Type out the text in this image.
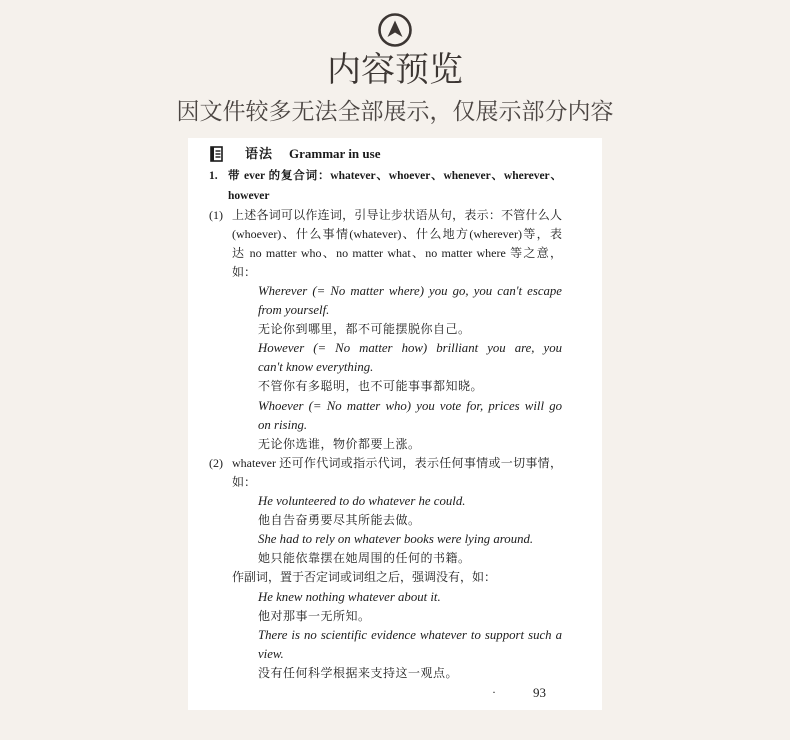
内容预览
因文件较多无法全部展示，仅展示部分内容
语法 Grammar in use
1. 带 ever 的复合词：whatever、whoever、whenever、wherever、
however
(1) 上述各词可以作连词，引导让步状语从句，表示：不管什么人
(whoever)、什么事情(whatever)、什么地方(wherever)等，表
达 no matter who、no matter what、no matter where 等之意，
如：
Wherever (= No matter where) you go, you can't escape
from yourself.
无论你到哪里，都不可能摆脱你自己。
However (= No matter how) brilliant you are, you
can't know everything.
不管你有多聪明，也不可能事事都知晓。
Whoever (= No matter who) you vote for, prices will go
on rising.
无论你选谁，物价都要上涨。
(2) whatever 还可作代词或指示代词，表示任何事情或一切事情，
如：
He volunteered to do whatever he could.
他自告奋勇要尽其所能去做。
She had to rely on whatever books were lying around.
她只能依靠摆在她周围的任何的书籍。
作副词，置于否定词或词组之后，强调没有，如：
He knew nothing whatever about it.
他对那事一无所知。
There is no scientific evidence whatever to support such a
view.
没有任何科学根据来支持这一观点。
·	93
